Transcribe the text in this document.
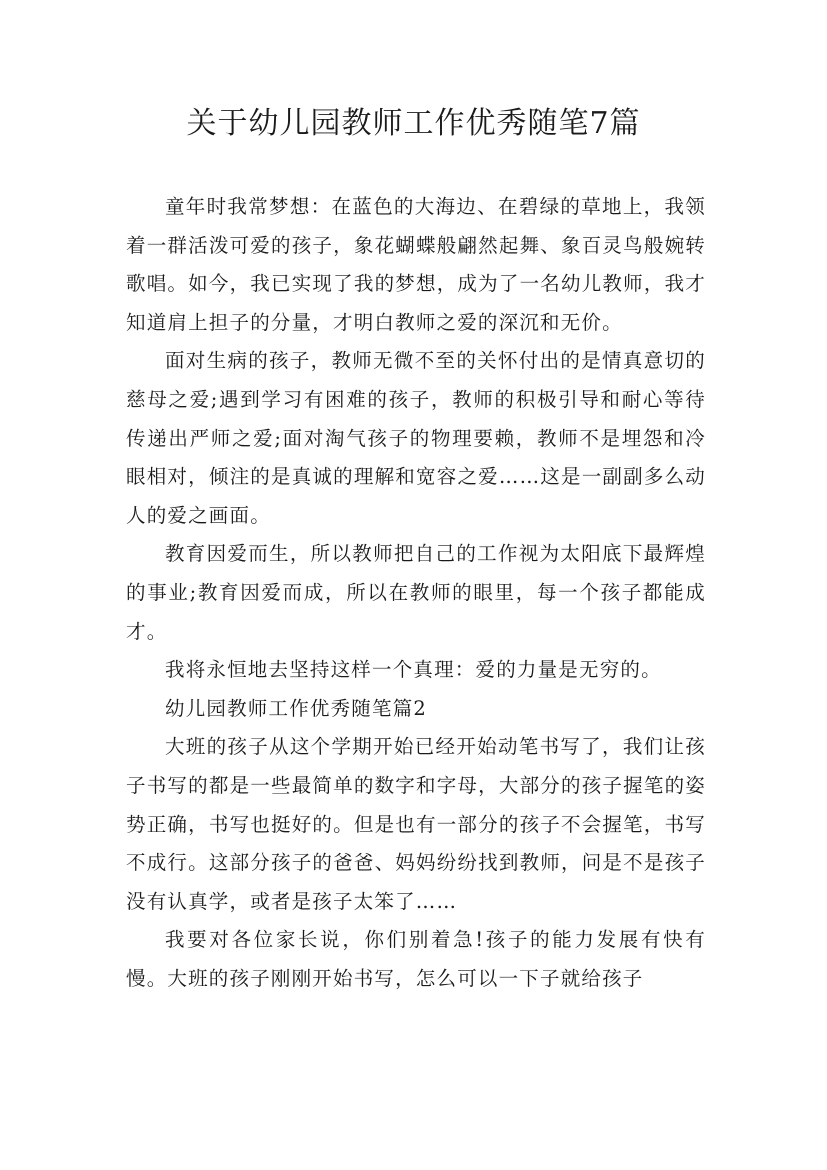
关于幼儿园教师工作优秀随笔7篇

童年时我常梦想：在蓝色的大海边、在碧绿的草地上，我领着一群活泼可爱的孩子，象花蝴蝶般翩然起舞、象百灵鸟般婉转歌唱。如今，我已实现了我的梦想，成为了一名幼儿教师，我才知道肩上担子的分量，才明白教师之爱的深沉和无价。

面对生病的孩子，教师无微不至的关怀付出的是情真意切的慈母之爱;遇到学习有困难的孩子，教师的积极引导和耐心等待传递出严师之爱;面对淘气孩子的物理要赖，教师不是埋怨和冷眼相对，倾注的是真诚的理解和宽容之爱……这是一副副多么动人的爱之画面。

教育因爱而生，所以教师把自己的工作视为太阳底下最辉煌的事业;教育因爱而成，所以在教师的眼里，每一个孩子都能成才。

我将永恒地去坚持这样一个真理：爱的力量是无穷的。

幼儿园教师工作优秀随笔篇2

大班的孩子从这个学期开始已经开始动笔书写了，我们让孩子书写的都是一些最简单的数字和字母，大部分的孩子握笔的姿势正确，书写也挺好的。但是也有一部分的孩子不会握笔，书写不成行。这部分孩子的爸爸、妈妈纷纷找到教师，问是不是孩子没有认真学，或者是孩子太笨了……

我要对各位家长说，你们别着急!孩子的能力发展有快有慢。大班的孩子刚刚开始书写，怎么可以一下子就给孩子
